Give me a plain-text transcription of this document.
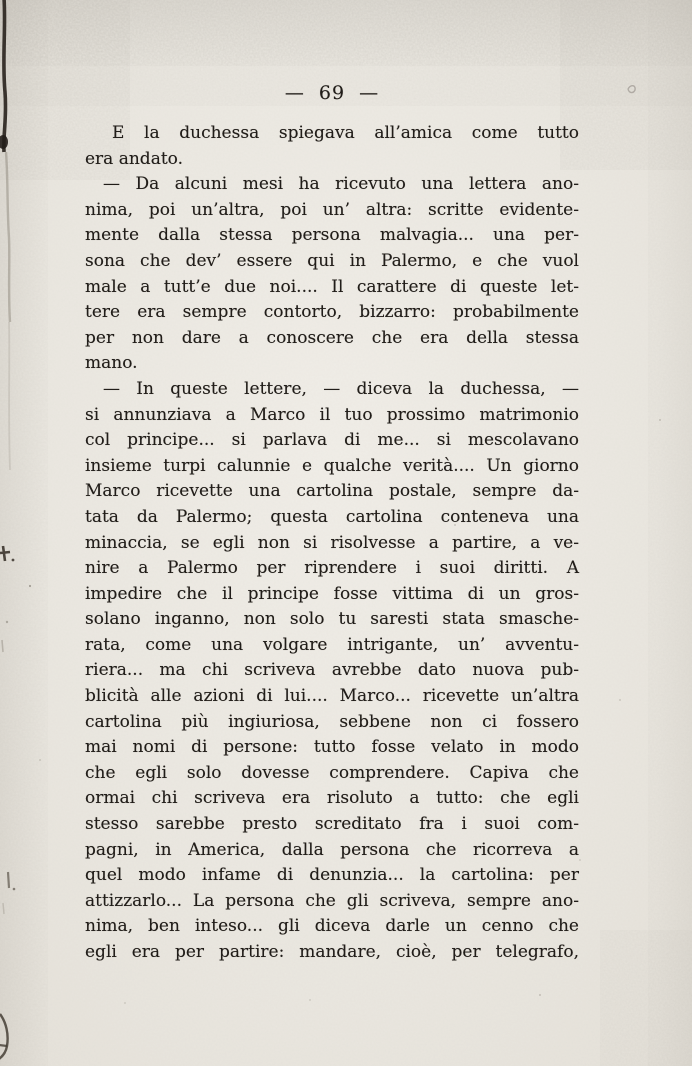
— 69 —
E la duchessa spiegava all’amica come tutto
era andato.
— Da alcuni mesi ha ricevuto una lettera ano-
nima, poi un’altra, poi un’ altra: scritte evidente-
mente dalla stessa persona malvagia... una per-
sona che dev’ essere qui in Palermo, e che vuol
male a tutt’e due noi.... Il carattere di queste let-
tere era sempre contorto, bizzarro: probabilmente
per non dare a conoscere che era della stessa
mano.
— In queste lettere, — diceva la duchessa, —
si annunziava a Marco il tuo prossimo matrimonio
col principe... si parlava di me... si mescolavano
insieme turpi calunnie e qualche verità.... Un giorno
Marco ricevette una cartolina postale, sempre da-
tata da Palermo; questa cartolina conteneva una
minaccia, se egli non si risolvesse a partire, a ve-
nire a Palermo per riprendere i suoi diritti. A
impedire che il principe fosse vittima di un gros-
solano inganno, non solo tu saresti stata smasche-
rata, come una volgare intrigante, un’ avventu-
riera... ma chi scriveva avrebbe dato nuova pub-
blicità alle azioni di lui.... Marco... ricevette un’altra
cartolina più ingiuriosa, sebbene non ci fossero
mai nomi di persone: tutto fosse velato in modo
che egli solo dovesse comprendere. Capiva che
ormai chi scriveva era risoluto a tutto: che egli
stesso sarebbe presto screditato fra i suoi com-
pagni, in America, dalla persona che ricorreva a
quel modo infame di denunzia... la cartolina: per
attizzarlo... La persona che gli scriveva, sempre ano-
nima, ben inteso... gli diceva darle un cenno che
egli era per partire: mandare, cioè, per telegrafo,
